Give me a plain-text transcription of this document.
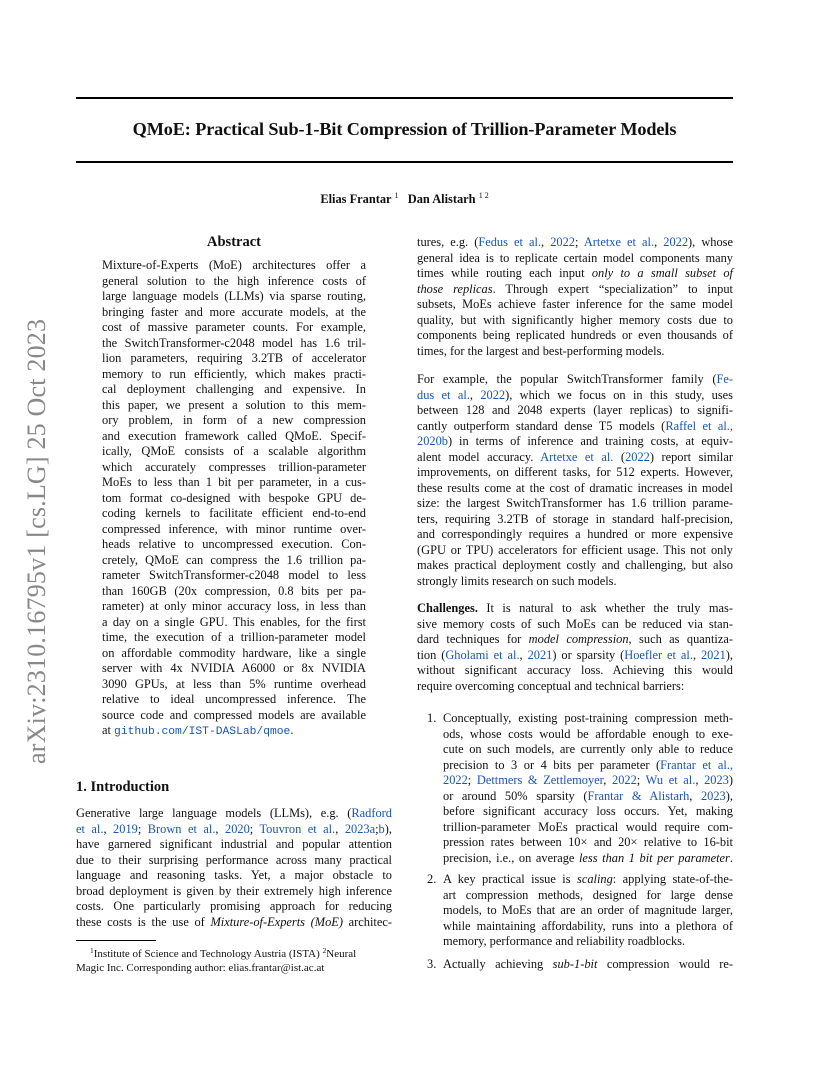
arXiv:2310.16795v1 [cs.LG] 25 Oct 2023
QMoE: Practical Sub-1-Bit Compression of Trillion-Parameter Models
Elias Frantar $^1$ Dan Alistarh $^{1 2}$
Abstract
Mixture-of-Experts (MoE) architectures offer a
general solution to the high inference costs of
large language models (LLMs) via sparse routing,
bringing faster and more accurate models, at the
cost of massive parameter counts. For example,
the SwitchTransformer-c2048 model has 1.6 tril-
lion parameters, requiring 3.2TB of accelerator
memory to run efficiently, which makes practi-
cal deployment challenging and expensive. In
this paper, we present a solution to this mem-
ory problem, in form of a new compression
and execution framework called QMoE. Specif-
ically, QMoE consists of a scalable algorithm
which accurately compresses trillion-parameter
MoEs to less than 1 bit per parameter, in a cus-
tom format co-designed with bespoke GPU de-
coding kernels to facilitate efficient end-to-end
compressed inference, with minor runtime over-
heads relative to uncompressed execution. Con-
cretely, QMoE can compress the 1.6 trillion pa-
rameter SwitchTransformer-c2048 model to less
than 160GB (20x compression, 0.8 bits per pa-
rameter) at only minor accuracy loss, in less than
a day on a single GPU. This enables, for the first
time, the execution of a trillion-parameter model
on affordable commodity hardware, like a single
server with 4x NVIDIA A6000 or 8x NVIDIA
3090 GPUs, at less than 5% runtime overhead
relative to ideal uncompressed inference. The
source code and compressed models are available
at github.com/IST-DASLab/qmoe.
1. Introduction
Generative large language models (LLMs), e.g. (Radford
et al., 2019; Brown et al., 2020; Touvron et al., 2023a;b),
have garnered significant industrial and popular attention
due to their surprising performance across many practical
language and reasoning tasks. Yet, a major obstacle to
broad deployment is given by their extremely high inference
costs. One particularly promising approach for reducing
these costs is the use of Mixture-of-Experts (MoE) architec-
$^1$Institute of Science and Technology Austria (ISTA) $^2$Neural
Magic Inc. Corresponding author: elias.frantar@ist.ac.at
tures, e.g. (Fedus et al., 2022; Artetxe et al., 2022), whose
general idea is to replicate certain model components many
times while routing each input only to a small subset of
those replicas. Through expert “specialization” to input
subsets, MoEs achieve faster inference for the same model
quality, but with significantly higher memory costs due to
components being replicated hundreds or even thousands of
times, for the largest and best-performing models.
For example, the popular SwitchTransformer family (Fe-
dus et al., 2022), which we focus on in this study, uses
between 128 and 2048 experts (layer replicas) to signifi-
cantly outperform standard dense T5 models (Raffel et al.,
2020b) in terms of inference and training costs, at equiv-
alent model accuracy. Artetxe et al. (2022) report similar
improvements, on different tasks, for 512 experts. However,
these results come at the cost of dramatic increases in model
size: the largest SwitchTransformer has 1.6 trillion parame-
ters, requiring 3.2TB of storage in standard half-precision,
and correspondingly requires a hundred or more expensive
(GPU or TPU) accelerators for efficient usage. This not only
makes practical deployment costly and challenging, but also
strongly limits research on such models.
Challenges. It is natural to ask whether the truly mas-
sive memory costs of such MoEs can be reduced via stan-
dard techniques for model compression, such as quantiza-
tion (Gholami et al., 2021) or sparsity (Hoefler et al., 2021),
without significant accuracy loss. Achieving this would
require overcoming conceptual and technical barriers:
1. Conceptually, existing post-training compression meth-
ods, whose costs would be affordable enough to exe-
cute on such models, are currently only able to reduce
precision to 3 or 4 bits per parameter (Frantar et al.,
2022; Dettmers & Zettlemoyer, 2022; Wu et al., 2023)
or around 50% sparsity (Frantar & Alistarh, 2023),
before significant accuracy loss occurs. Yet, making
trillion-parameter MoEs practical would require com-
pression rates between 10× and 20× relative to 16-bit
precision, i.e., on average less than 1 bit per parameter.
2. A key practical issue is scaling: applying state-of-the-
art compression methods, designed for large dense
models, to MoEs that are an order of magnitude larger,
while maintaining affordability, runs into a plethora of
memory, performance and reliability roadblocks.
3. Actually achieving sub-1-bit compression would re-
